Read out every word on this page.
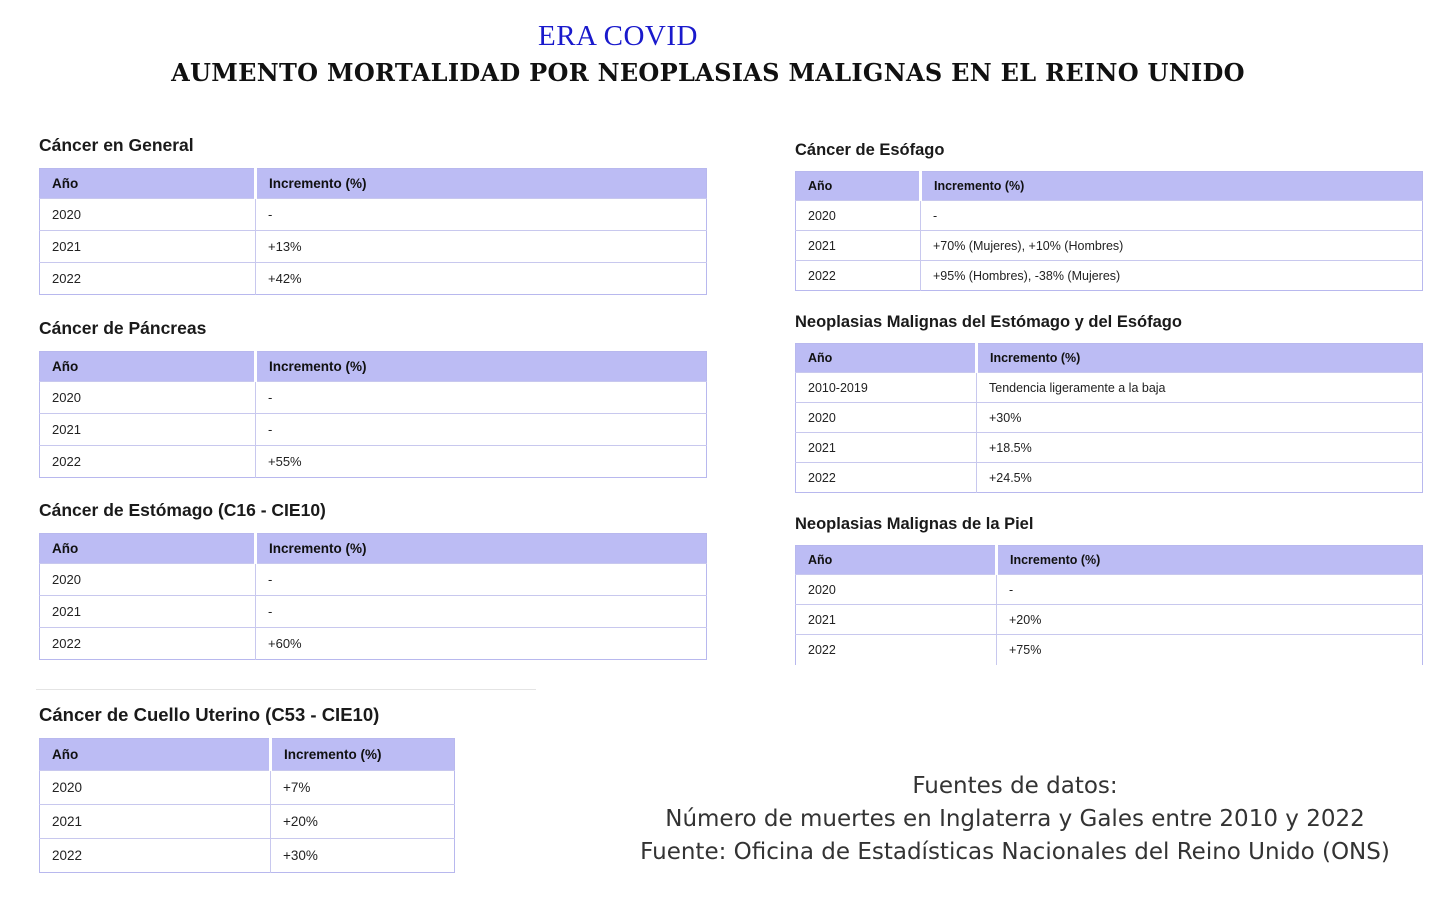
ERA COVID
AUMENTO MORTALIDAD POR NEOPLASIAS MALIGNAS EN EL REINO UNIDO
Cáncer en General
Año	Incremento (%)
2020	-
2021	+13%
2022	+42%
Cáncer de Páncreas
Año	Incremento (%)
2020	-
2021	-
2022	+55%
Cáncer de Estómago (C16 - CIE10)
Año	Incremento (%)
2020	-
2021	-
2022	+60%
Cáncer de Cuello Uterino (C53 - CIE10)
Año	Incremento (%)
2020	+7%
2021	+20%
2022	+30%
Cáncer de Esófago
Año	Incremento (%)
2020	-
2021	+70% (Mujeres), +10% (Hombres)
2022	+95% (Hombres), -38% (Mujeres)
Neoplasias Malignas del Estómago y del Esófago
Año	Incremento (%)
2010-2019	Tendencia ligeramente a la baja
2020	+30%
2021	+18.5%
2022	+24.5%
Neoplasias Malignas de la Piel
Año	Incremento (%)
2020	-
2021	+20%
2022	+75%
Fuentes de datos:
Número de muertes en Inglaterra y Gales entre 2010 y 2022
Fuente: Oficina de Estadísticas Nacionales del Reino Unido (ONS)
